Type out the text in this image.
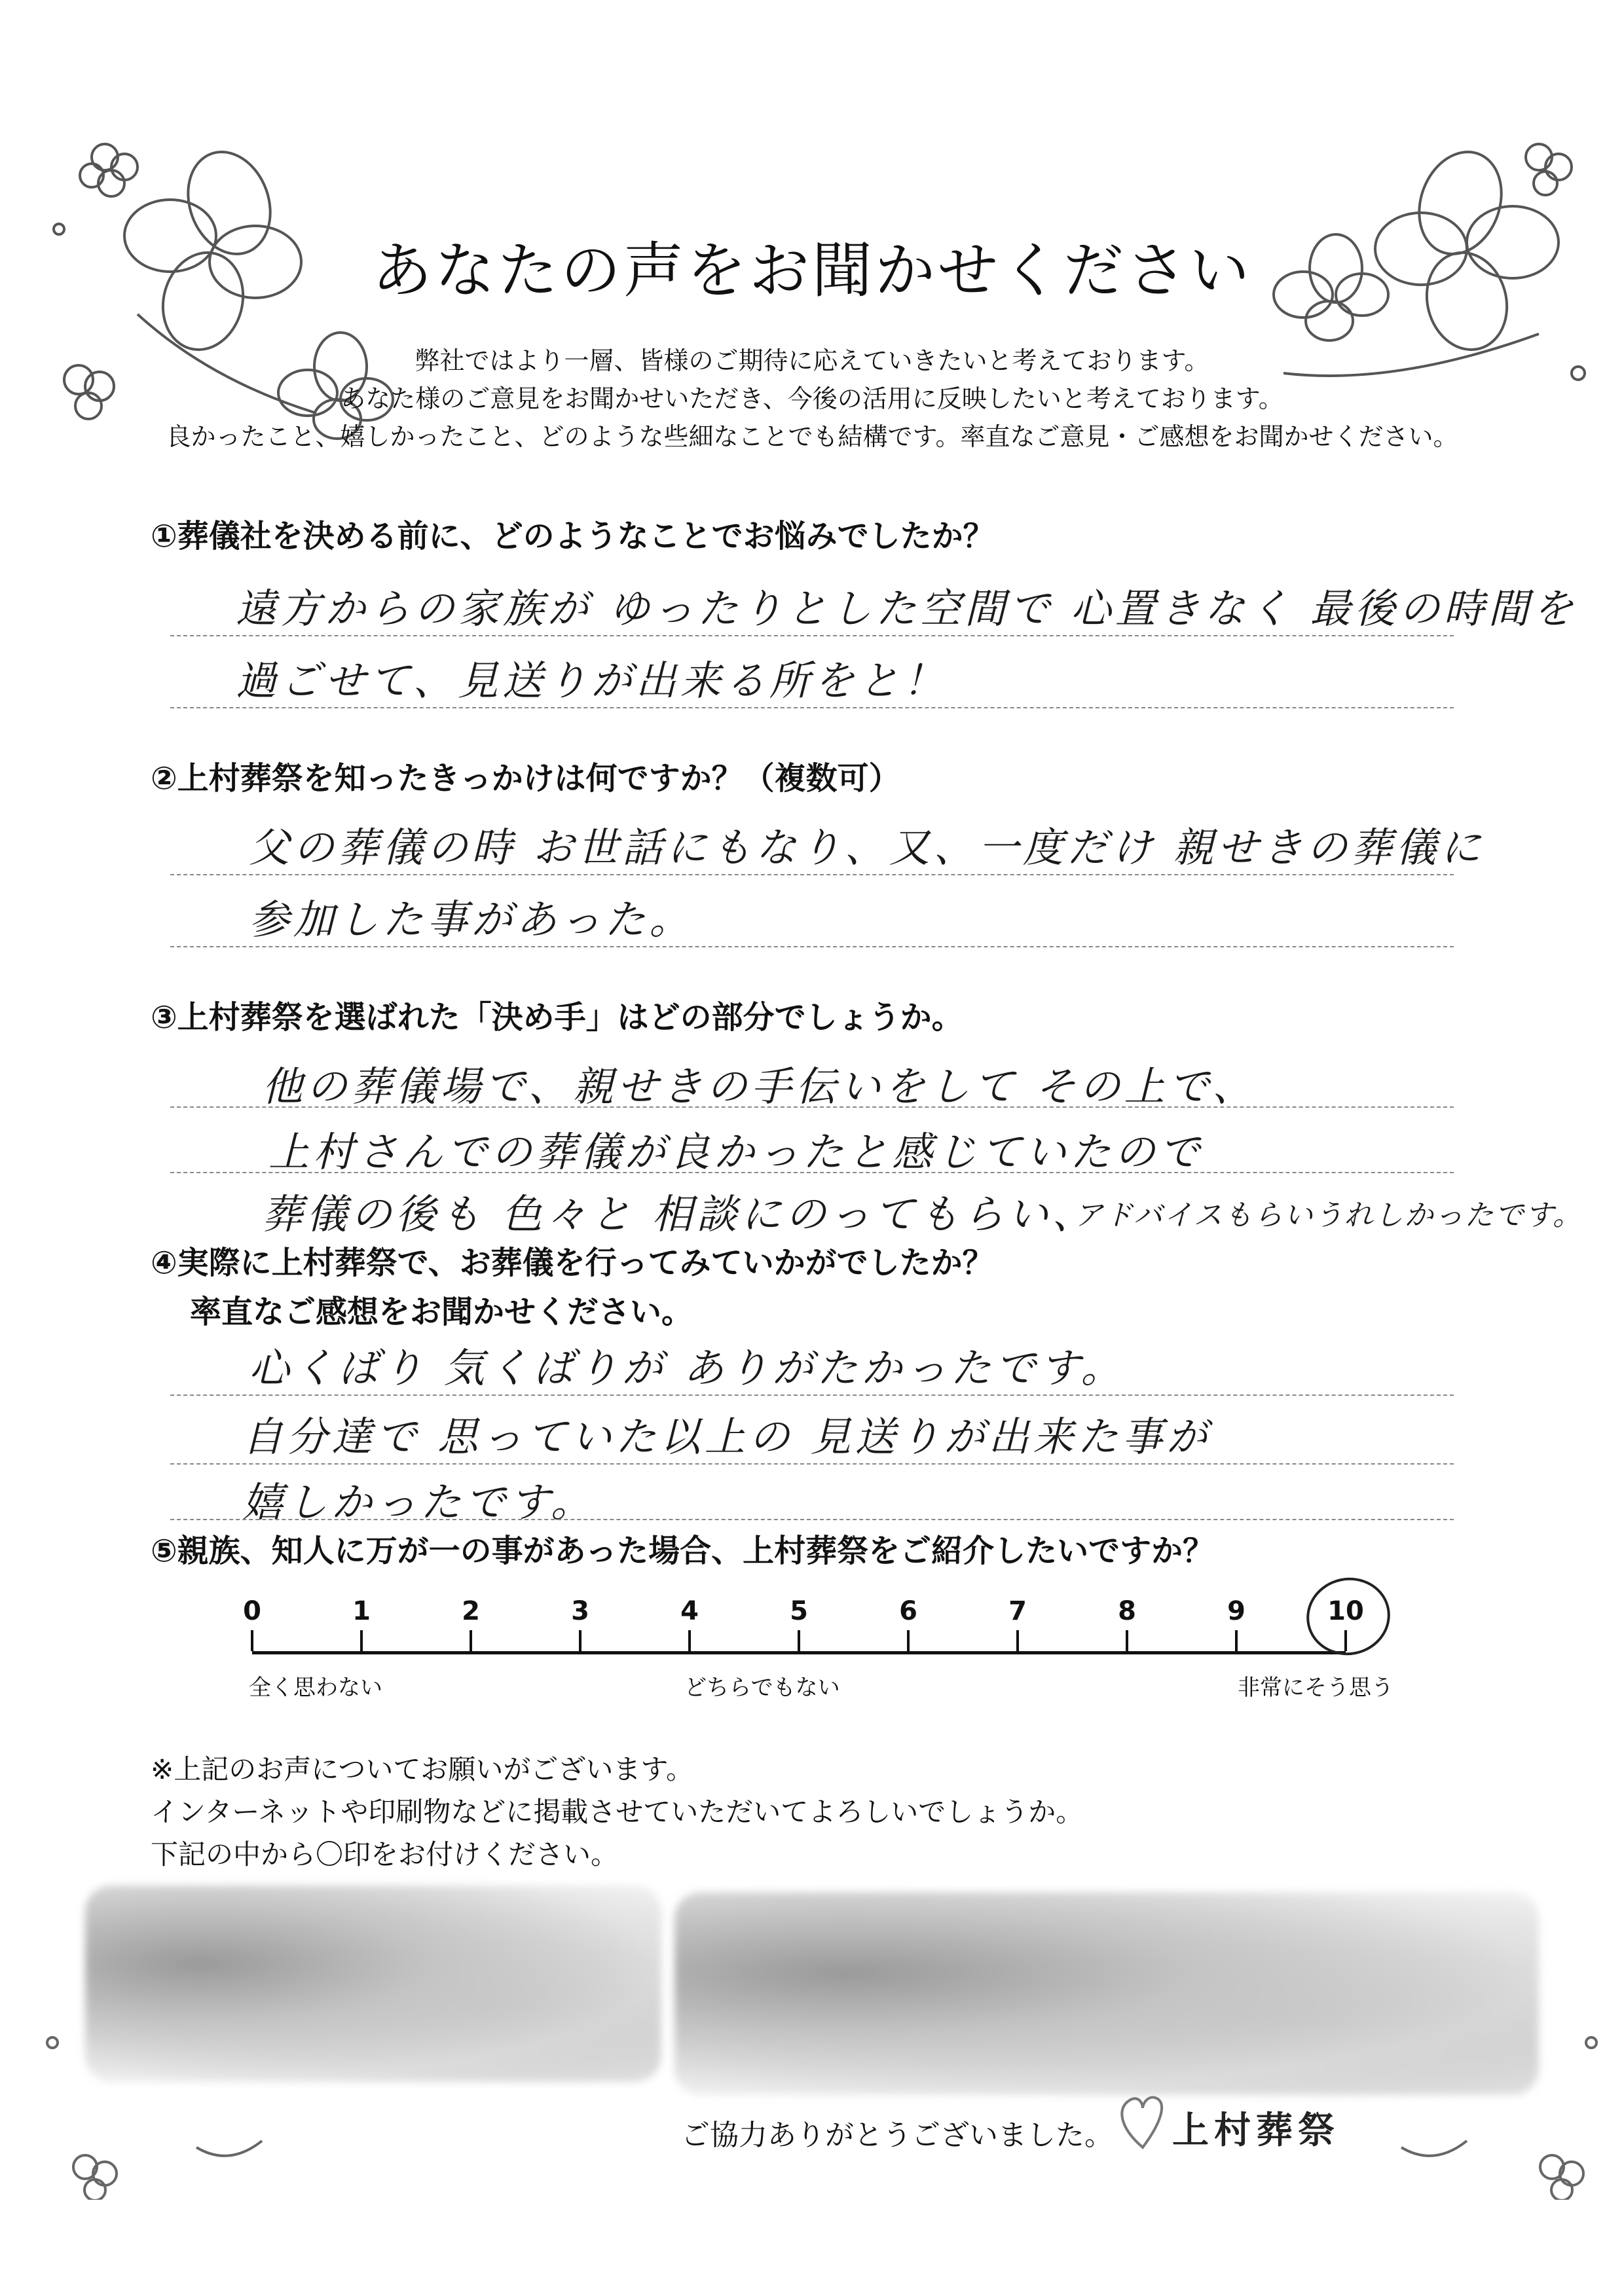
あなたの声をお聞かせください
弊社ではより一層、皆様のご期待に応えていきたいと考えております。
あなた様のご意見をお聞かせいただき、今後の活用に反映したいと考えております。
良かったこと、嬉しかったこと、どのような些細なことでも結構です。率直なご意見・ご感想をお聞かせください。
①葬儀社を決める前に、どのようなことでお悩みでしたか？
遠方からの家族が ゆったりとした空間で 心置きなく 最後の時間を
過ごせて、見送りが出来る所をと！
②上村葬祭を知ったきっかけは何ですか？（複数可）
父の葬儀の時 お世話にもなり、又、一度だけ 親せきの葬儀に
参加した事があった。
③上村葬祭を選ばれた「決め手」はどの部分でしょうか。
他の葬儀場で、親せきの手伝いをして その上で、
上村さんでの葬儀が良かったと感じていたので
葬儀の後も 色々と 相談にのってもらい、
アドバイスもらいうれしかったです。
④実際に上村葬祭で、お葬儀を行ってみていかがでしたか？
率直なご感想をお聞かせください。
心くばり 気くばりが ありがたかったです。
自分達で 思っていた以上の 見送りが出来た事が
嬉しかったです。
⑤親族、知人に万が一の事があった場合、上村葬祭をご紹介したいですか？
0	1	2	3	4	5	6	7	8	9	10
全く思わない	どちらでもない	非常にそう思う
※上記のお声についてお願いがございます。
インターネットや印刷物などに掲載させていただいてよろしいでしょうか。
下記の中から〇印をお付けください。
ご協力ありがとうございました。 上村葬祭
